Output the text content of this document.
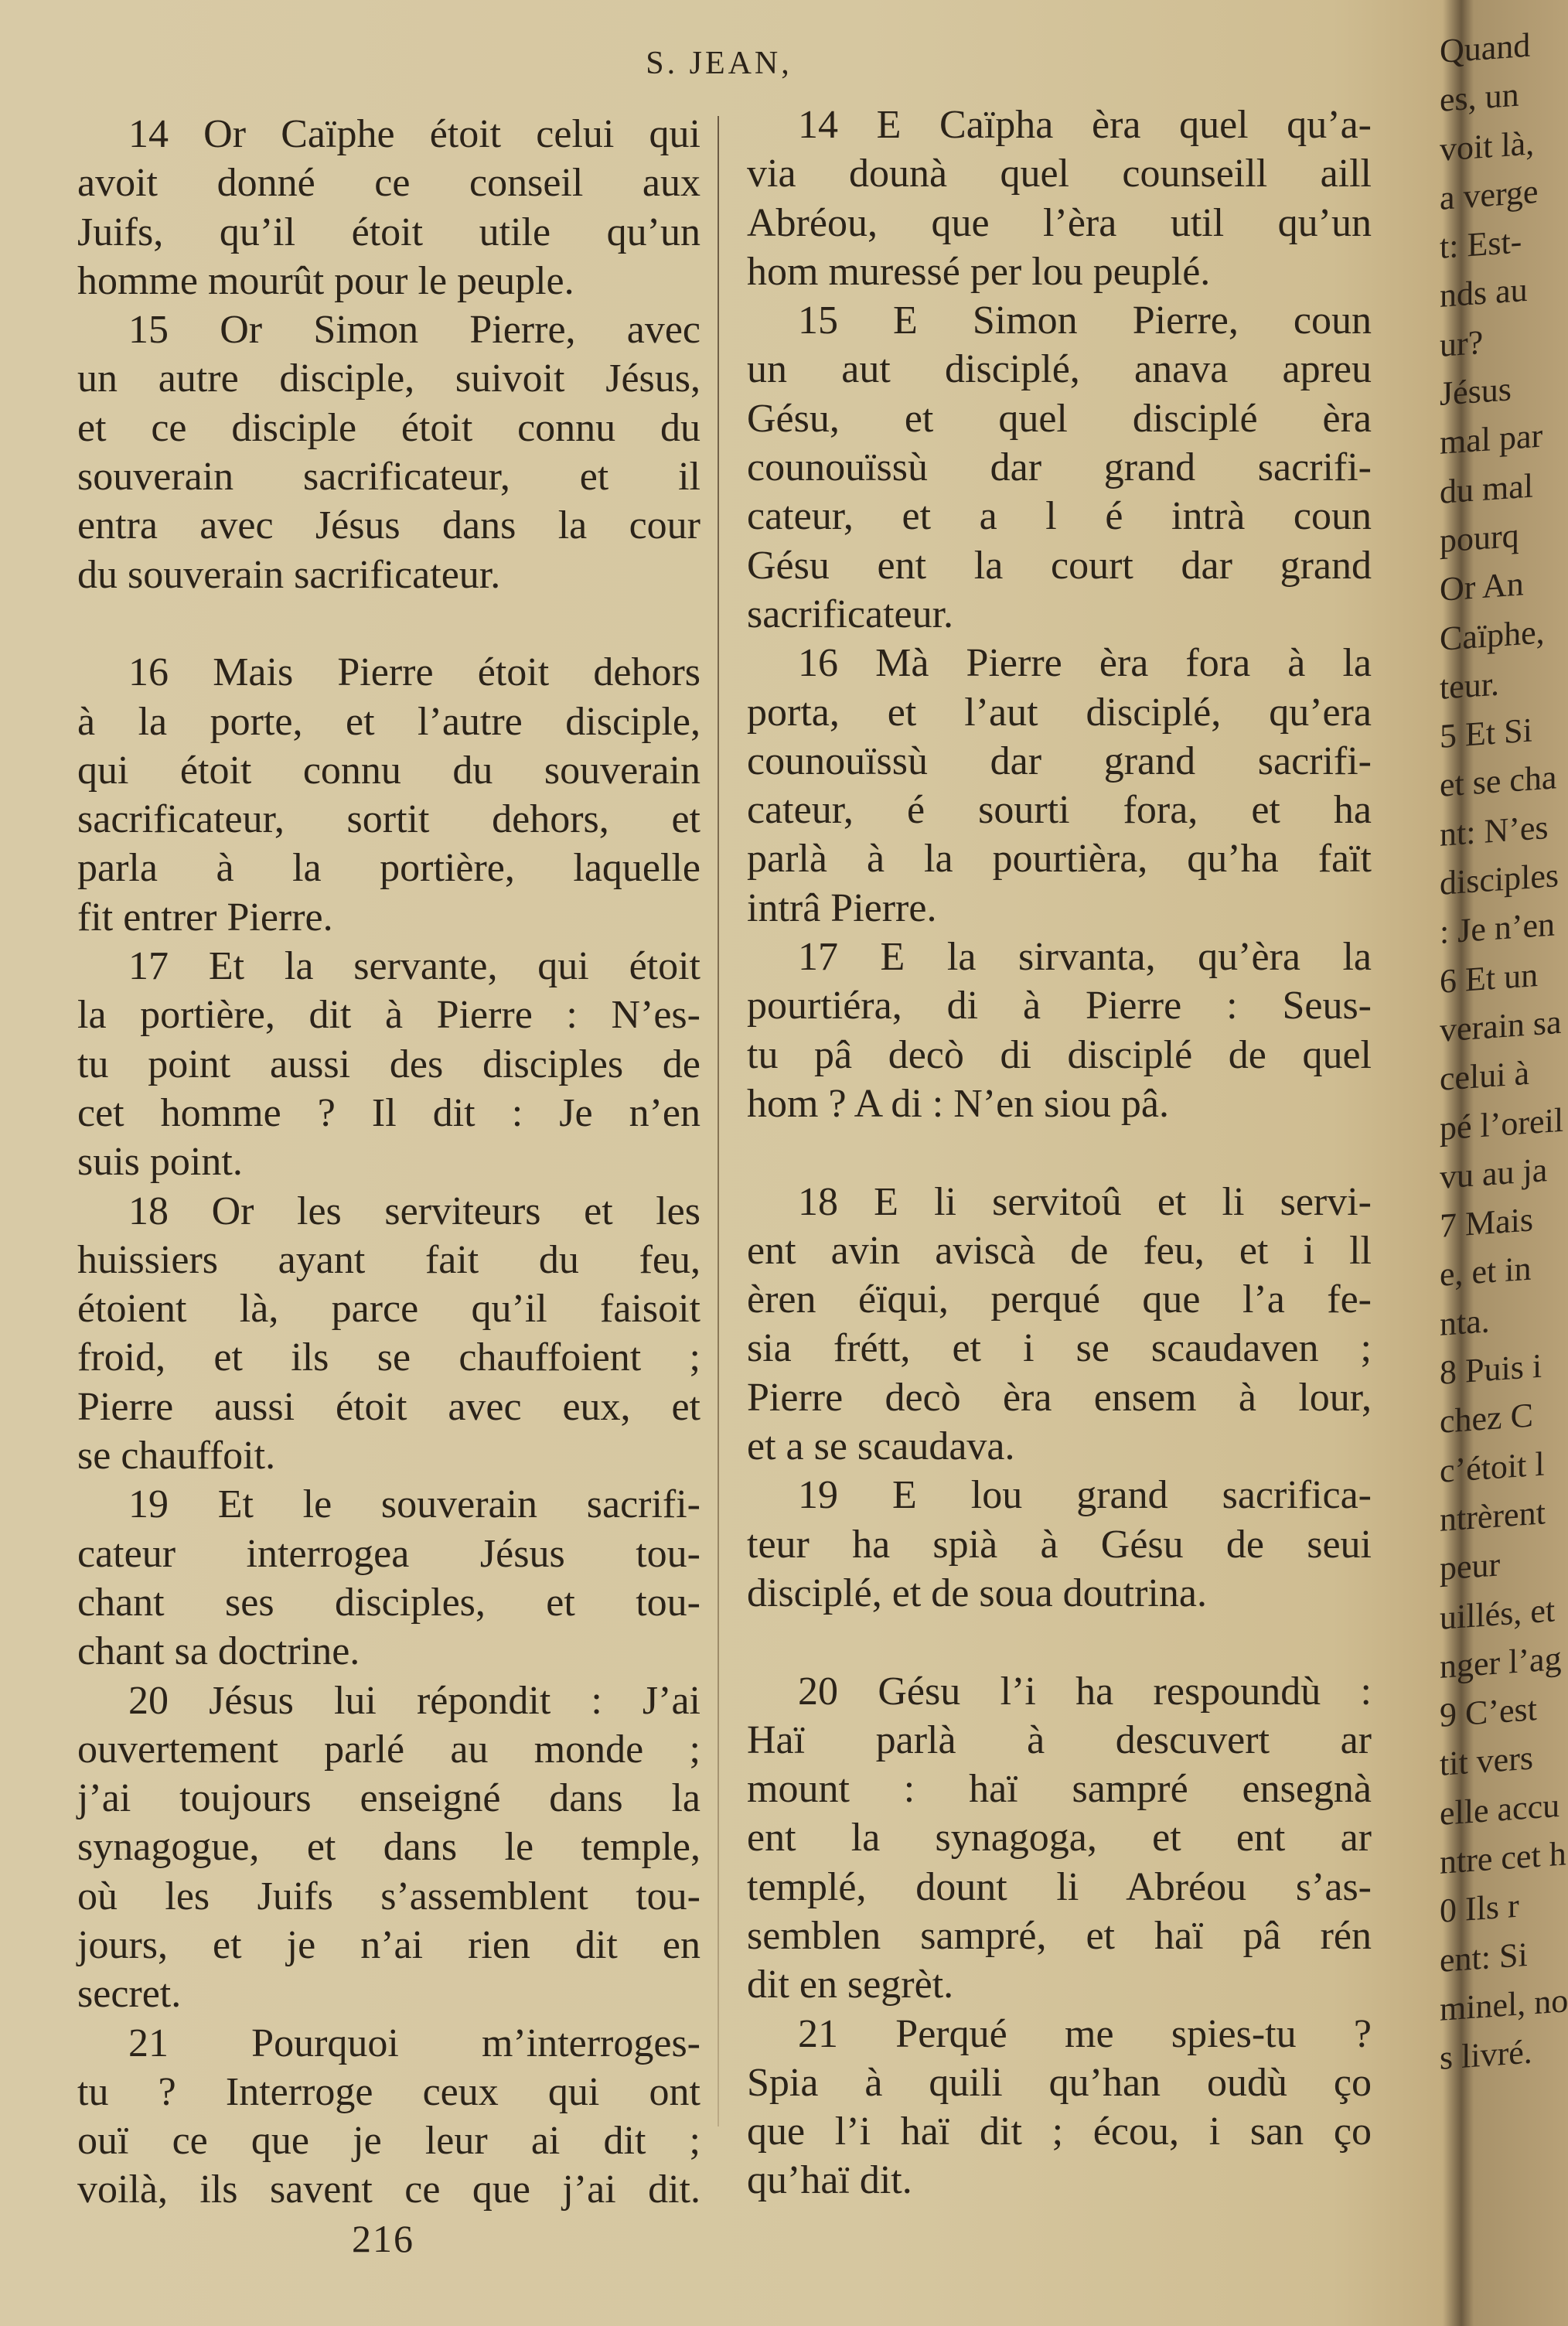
S. JEAN,
14 Or Caïphe étoit celui qui
avoit donné ce conseil aux
Juifs, qu’il étoit utile qu’un
homme mourût pour le peuple.
15 Or Simon Pierre, avec
un autre disciple, suivoit Jésus,
et ce disciple étoit connu du
souverain sacrificateur, et il
entra avec Jésus dans la cour
du souverain sacrificateur.
16 Mais Pierre étoit dehors
à la porte, et l’autre disciple,
qui étoit connu du souverain
sacrificateur, sortit dehors, et
parla à la portière, laquelle
fit entrer Pierre.
17 Et la servante, qui étoit
la portière, dit à Pierre : N’es-
tu point aussi des disciples de
cet homme ? Il dit : Je n’en
suis point.
18 Or les serviteurs et les
huissiers ayant fait du feu,
étoient là, parce qu’il faisoit
froid, et ils se chauffoient ;
Pierre aussi étoit avec eux, et
se chauffoit.
19 Et le souverain sacrifi-
cateur interrogea Jésus tou-
chant ses disciples, et tou-
chant sa doctrine.
20 Jésus lui répondit : J’ai
ouvertement parlé au monde ;
j’ai toujours enseigné dans la
synagogue, et dans le temple,
où les Juifs s’assemblent tou-
jours, et je n’ai rien dit en
secret.
21 Pourquoi m’interroges-
tu ? Interroge ceux qui ont
ouï ce que je leur ai dit ;
voilà, ils savent ce que j’ai dit.
14 E Caïpha èra quel qu’a-
via dounà quel counseill aill
Abréou, que l’èra util qu’un
hom muressé per lou peuplé.
15 E Simon Pierre, coun
un aut disciplé, anava apreu
Gésu, et quel disciplé èra
counouïssù dar grand sacrifi-
cateur, et a l é intrà coun
Gésu ent la court dar grand
sacrificateur.
16 Mà Pierre èra fora à la
porta, et l’aut disciplé, qu’era
counouïssù dar grand sacrifi-
cateur, é sourti fora, et ha
parlà à la pourtièra, qu’ha faït
intrâ Pierre.
17 E la sirvanta, qu’èra la
pourtiéra, di à Pierre : Seus-
tu pâ decò di disciplé de quel
hom ? A di : N’en siou pâ.
18 E li servitoû et li servi-
ent avin aviscà de feu, et i ll
èren éïqui, perqué que l’a fe-
sia frétt, et i se scaudaven ;
Pierre decò èra ensem à lour,
et a se scaudava.
19 E lou grand sacrifica-
teur ha spià à Gésu de seui
disciplé, et de soua doutrina.
20 Gésu l’i ha respoundù :
Haï parlà à descuvert ar
mount : haï sampré ensegnà
ent la synagoga, et ent ar
templé, dount li Abréou s’as-
semblen sampré, et haï pâ rén
dit en segrèt.
21 Perqué me spies-tu ?
Spia à quili qu’han oudù ço
que l’i haï dit ; écou, i san ço
qu’haï dit.
216
Quand
es, un
voit là,
a verge
t: Est-
nds au
ur?
Jésus
mal par
du mal
pourq
Or An
Caïphe,
teur.
5 Et Si
et se cha
nt: N’es
disciples
: Je n’en
6 Et un
verain sa
celui à
pé l’oreil
vu au ja
7 Mais
e, et in
nta.
8 Puis i
chez C
c’étoit l
ntrèrent
peur
uillés, et
nger l’ag
9 C’est
tit vers
elle accu
ntre cet h
0 Ils r
ent: Si
minel, no
s livré.
